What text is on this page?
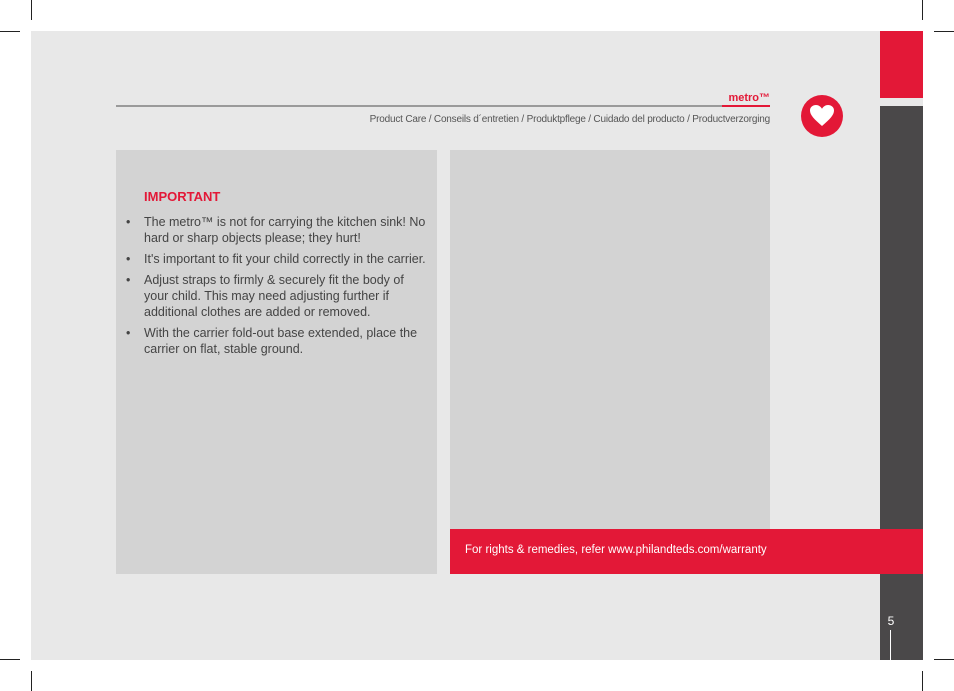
5
metro™
Product Care / Conseils d´entretien / Produktpflege / Cuidado del producto / Productverzorging
IMPORTANT
• The metro™ is not for carrying the kitchen sink! No hard or sharp objects please; they hurt!
• It's important to fit your child correctly in the carrier.
• Adjust straps to firmly & securely fit the body of your child. This may need adjusting further if additional clothes are added or removed.
• With the carrier fold-out base extended, place the carrier on flat, stable ground.
For rights & remedies, refer www.philandteds.com/warranty
